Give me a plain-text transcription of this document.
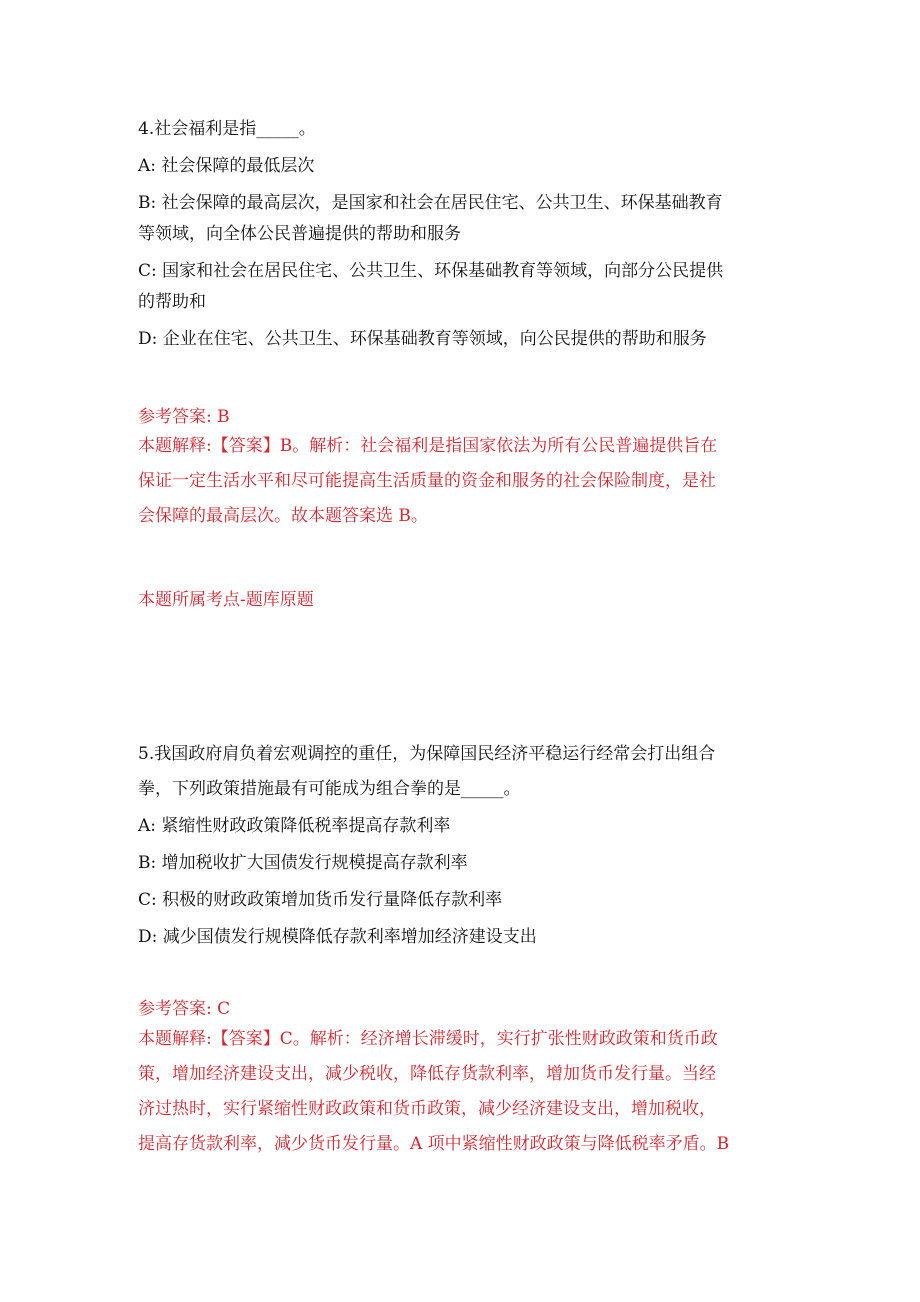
4.社会福利是指_____。
A: 社会保障的最低层次
B: 社会保障的最高层次，是国家和社会在居民住宅、公共卫生、环保基础教育
等领域，向全体公民普遍提供的帮助和服务
C: 国家和社会在居民住宅、公共卫生、环保基础教育等领域，向部分公民提供
的帮助和
D: 企业在住宅、公共卫生、环保基础教育等领域，向公民提供的帮助和服务
参考答案: B
本题解释:【答案】B。解析：社会福利是指国家依法为所有公民普遍提供旨在
保证一定生活水平和尽可能提高生活质量的资金和服务的社会保险制度，是社
会保障的最高层次。故本题答案选 B。
本题所属考点-题库原题
5.我国政府肩负着宏观调控的重任，为保障国民经济平稳运行经常会打出组合
拳，下列政策措施最有可能成为组合拳的是_____。
A: 紧缩性财政政策降低税率提高存款利率
B: 增加税收扩大国债发行规模提高存款利率
C: 积极的财政政策增加货币发行量降低存款利率
D: 减少国债发行规模降低存款利率增加经济建设支出
参考答案: C
本题解释:【答案】C。解析：经济增长滞缓时，实行扩张性财政政策和货币政
策，增加经济建设支出，减少税收，降低存货款利率，增加货币发行量。当经
济过热时，实行紧缩性财政政策和货币政策，减少经济建设支出，增加税收，
提高存货款利率，减少货币发行量。A 项中紧缩性财政政策与降低税率矛盾。B
